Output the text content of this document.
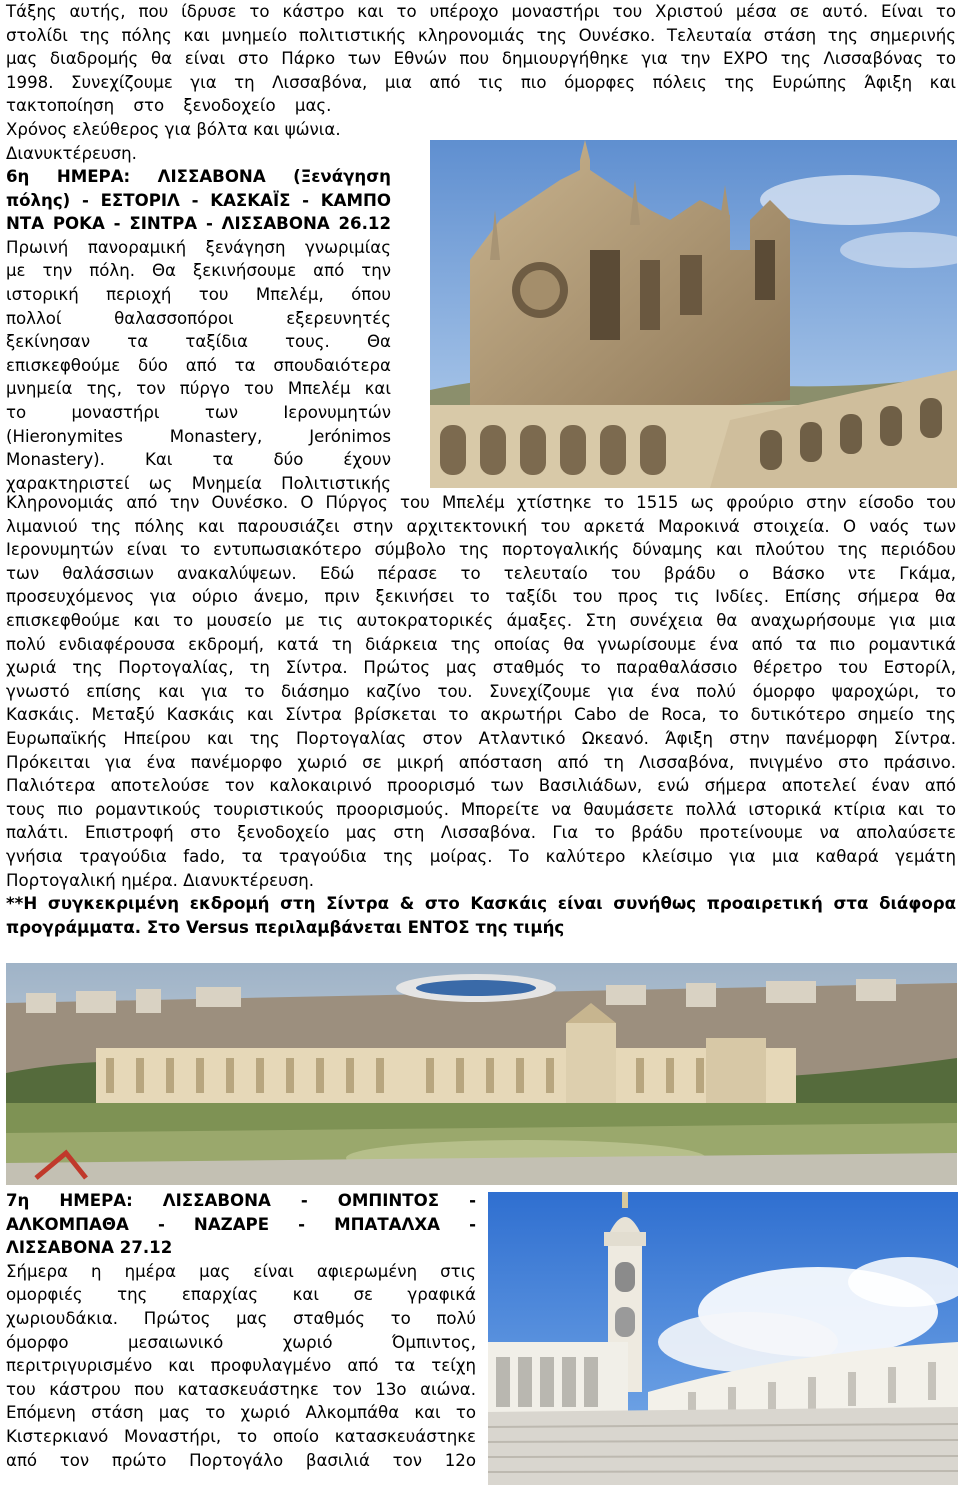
Τάξης αυτής, που ίδρυσε το κάστρο και το υπέροχο μοναστήρι του Χριστού μέσα σε αυτό. Είναι το

στολίδι της πόλης και μνημείο πολιτιστικής κληρονομιάς της Ουνέσκο. Τελευταία στάση της σημερινής

μας διαδρομής θα είναι στο Πάρκο των Εθνών που δημιουργήθηκε για την EXPO της Λισσαβόνας το

1998. Συνεχίζουμε για τη Λισσαβόνα, μια από τις πιο όμορφες πόλεις της Ευρώπης Άφιξη και

τακτοποίηση στο ξενοδοχείο μας.

Χρόνος ελεύθερος για βόλτα και ψώνια.

Διανυκτέρευση.

6η ΗΜΕΡΑ: ΛΙΣΣΑΒΟΝΑ (Ξενάγηση

πόλης) - ΕΣΤΟΡΙΛ - ΚΑΣΚΑΪΣ - ΚΑΜΠΟ

ΝΤΑ ΡΟΚΑ - ΣΙΝΤΡΑ - ΛΙΣΣΑΒΟΝΑ 26.12

Πρωινή πανοραμική ξενάγηση γνωριμίας

με την πόλη. Θα ξεκινήσουμε από την

ιστορική περιοχή του Μπελέμ, όπου

πολλοί θαλασσοπόροι εξερευνητές

ξεκίνησαν τα ταξίδια τους. Θα

επισκεφθούμε δύο από τα σπουδαιότερα

μνημεία της, τον πύργο του Μπελέμ και

το μοναστήρι των Ιερονυμητών

(Hieronymites Monastery, Jerónimos

Monastery). Και τα δύο έχουν

χαρακτηριστεί ως Μνημεία Πολιτιστικής

Κληρονομιάς από την Ουνέσκο. Ο Πύργος του Μπελέμ χτίστηκε το 1515 ως φρούριο στην είσοδο του

λιμανιού της πόλης και παρουσιάζει στην αρχιτεκτονική του αρκετά Μαροκινά στοιχεία. Ο ναός των

Ιερονυμητών είναι το εντυπωσιακότερο σύμβολο της πορτογαλικής δύναμης και πλούτου της περιόδου

των θαλάσσιων ανακαλύψεων. Εδώ πέρασε το τελευταίο του βράδυ ο Βάσκο ντε Γκάμα,

προσευχόμενος για ούριο άνεμο, πριν ξεκινήσει το ταξίδι του προς τις Ινδίες. Επίσης σήμερα θα

επισκεφθούμε και το μουσείο με τις αυτοκρατορικές άμαξες. Στη συνέχεια θα αναχωρήσουμε για μια

πολύ ενδιαφέρουσα εκδρομή, κατά τη διάρκεια της οποίας θα γνωρίσουμε ένα από τα πιο ρομαντικά

χωριά της Πορτογαλίας, τη Σίντρα. Πρώτος μας σταθμός το παραθαλάσσιο θέρετρο του Εστορίλ,

γνωστό επίσης και για το διάσημο καζίνο του. Συνεχίζουμε για ένα πολύ όμορφο ψαροχώρι, το

Κασκάις. Μεταξύ Κασκάις και Σίντρα βρίσκεται το ακρωτήρι Cabo de Roca, το δυτικότερο σημείο της

Ευρωπαϊκής Ηπείρου και της Πορτογαλίας στον Ατλαντικό Ωκεανό. Άφιξη στην πανέμορφη Σίντρα.

Πρόκειται για ένα πανέμορφο χωριό σε μικρή απόσταση από τη Λισσαβόνα, πνιγμένο στο πράσινο.

Παλιότερα αποτελούσε τον καλοκαιρινό προορισμό των Βασιλιάδων, ενώ σήμερα αποτελεί έναν από

τους πιο ρομαντικούς τουριστικούς προορισμούς. Μπορείτε να θαυμάσετε πολλά ιστορικά κτίρια και το

παλάτι. Επιστροφή στο ξενοδοχείο μας στη Λισσαβόνα. Για το βράδυ προτείνουμε να απολαύσετε

γνήσια τραγούδια fado, τα τραγούδια της μοίρας. Το καλύτερο κλείσιμο για μια καθαρά γεμάτη

Πορτογαλική ημέρα. Διανυκτέρευση.

**Η συγκεκριμένη εκδρομή στη Σίντρα & στο Κασκάις είναι συνήθως προαιρετική στα διάφορα

προγράμματα. Στο Versus περιλαμβάνεται ΕΝΤΟΣ της τιμής

7η ΗΜΕΡΑ: ΛΙΣΣΑΒΟΝΑ - ΟΜΠΙΝΤΟΣ -

ΑΛΚΟΜΠΑΘΑ - ΝΑΖΑΡΕ - ΜΠΑΤΑΛΧΑ -

ΛΙΣΣΑΒΟΝΑ 27.12

Σήμερα η ημέρα μας είναι αφιερωμένη στις

ομορφιές της επαρχίας και σε γραφικά

χωριουδάκια. Πρώτος μας σταθμός το πολύ

όμορφο μεσαιωνικό χωριό Όμπιντος,

περιτριγυρισμένο και προφυλαγμένο από τα τείχη

του κάστρου που κατασκευάστηκε τον 13ο αιώνα.

Επόμενη στάση μας το χωριό Αλκομπάθα και το

Κιστερκιανό Μοναστήρι, το οποίο κατασκευάστηκε

από τον πρώτο Πορτογάλο βασιλιά τον 12ο
